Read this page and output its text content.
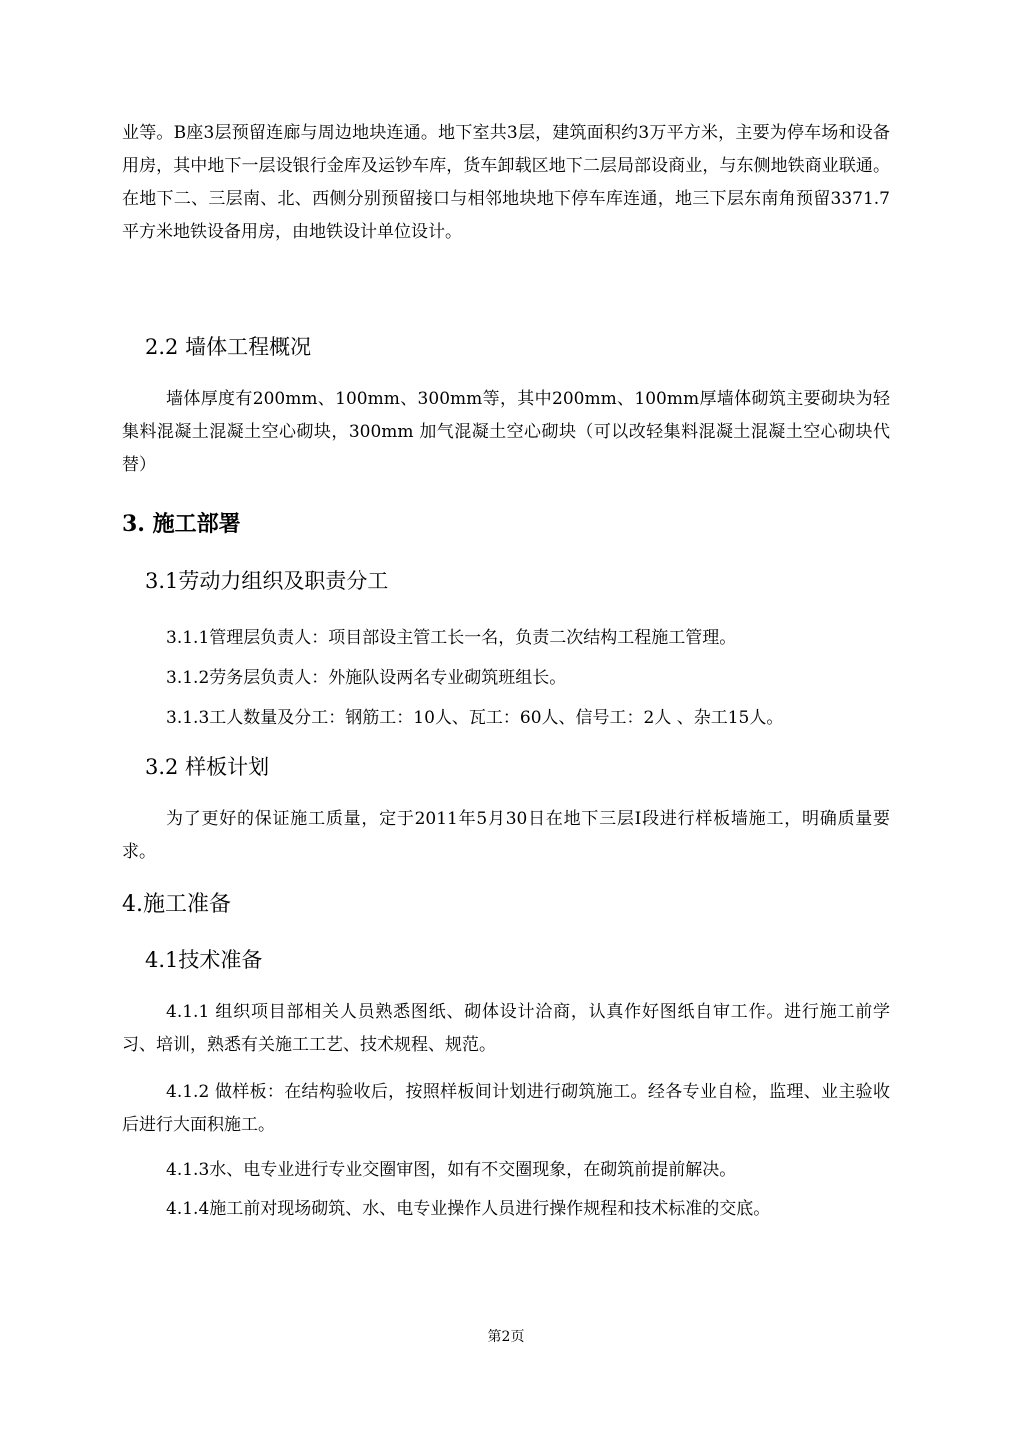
业等。B座3层预留连廊与周边地块连通。地下室共3层，建筑面积约3万平方米，主要为停车场和设备用房，其中地下一层设银行金库及运钞车库，货车卸载区地下二层局部设商业，与东侧地铁商业联通。在地下二、三层南、北、西侧分别预留接口与相邻地块地下停车库连通，地三下层东南角预留3371.7平方米地铁设备用房，由地铁设计单位设计。

2.2 墙体工程概况

墙体厚度有200mm、100mm、300mm等，其中200mm、100mm厚墙体砌筑主要砌块为轻集料混凝土混凝土空心砌块，300mm 加气混凝土空心砌块（可以改轻集料混凝土混凝土空心砌块代替）

3. 施工部署
3.1劳动力组织及职责分工

3.1.1管理层负责人：项目部设主管工长一名，负责二次结构工程施工管理。

3.1.2劳务层负责人：外施队设两名专业砌筑班组长。

3.1.3工人数量及分工：钢筋工：10人、瓦工：60人、信号工：2人 、杂工15人。

3.2 样板计划

为了更好的保证施工质量，定于2011年5月30日在地下三层Ⅰ段进行样板墙施工，明确质量要求。

4.施工准备
4.1技术准备

4.1.1 组织项目部相关人员熟悉图纸、砌体设计洽商，认真作好图纸自审工作。进行施工前学习、培训，熟悉有关施工工艺、技术规程、规范。

4.1.2 做样板：在结构验收后，按照样板间计划进行砌筑施工。经各专业自检，监理、业主验收后进行大面积施工。

4.1.3水、电专业进行专业交圈审图，如有不交圈现象，在砌筑前提前解决。

4.1.4施工前对现场砌筑、水、电专业操作人员进行操作规程和技术标准的交底。

第2页
